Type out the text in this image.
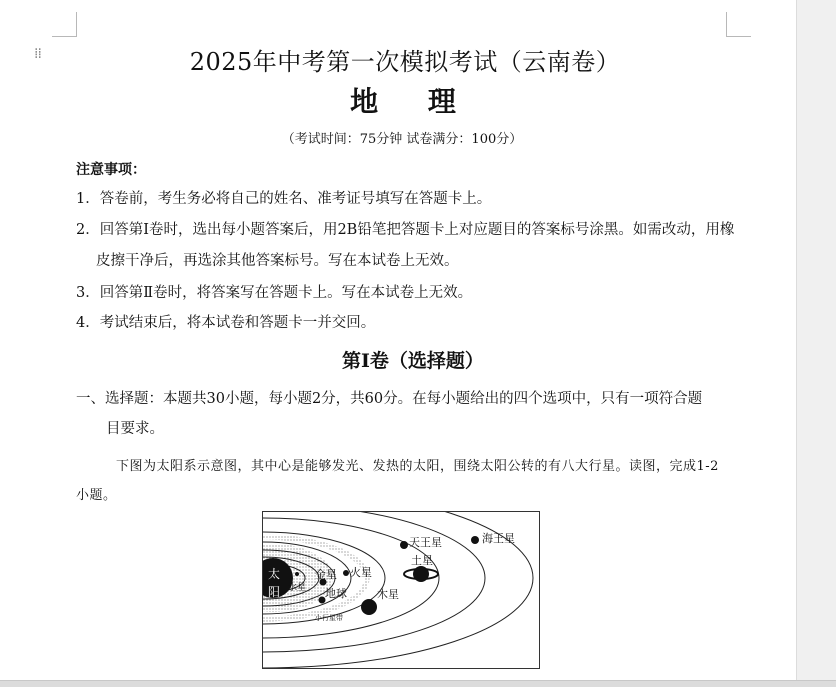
⁞⁞	2025年中考第一次模拟考试（云南卷）
地 理
（考试时间：75分钟 试卷满分：100分）
注意事项：
1．答卷前，考生务必将自己的姓名、准考证号填写在答题卡上。
2．回答第Ⅰ卷时，选出每小题答案后，用2B铅笔把答题卡上对应题目的答案标号涂黑。如需改动，用橡
皮擦干净后，再选涂其他答案标号。写在本试卷上无效。
3．回答第Ⅱ卷时，将答案写在答题卡上。写在本试卷上无效。
4．考试结束后，将本试卷和答题卡一并交回。
第Ⅰ卷（选择题）
一、选择题：本题共30小题，每小题2分，共60分。在每小题给出的四个选项中，只有一项符合题
目要求。
下图为太阳系示意图，其中心是能够发光、发热的太阳，围绕太阳公转的有八大行星。读图，完成1-2
小题。
太
阳 水星
金星
地球
火星
小行星带
木星
土星
天王星	海王星
